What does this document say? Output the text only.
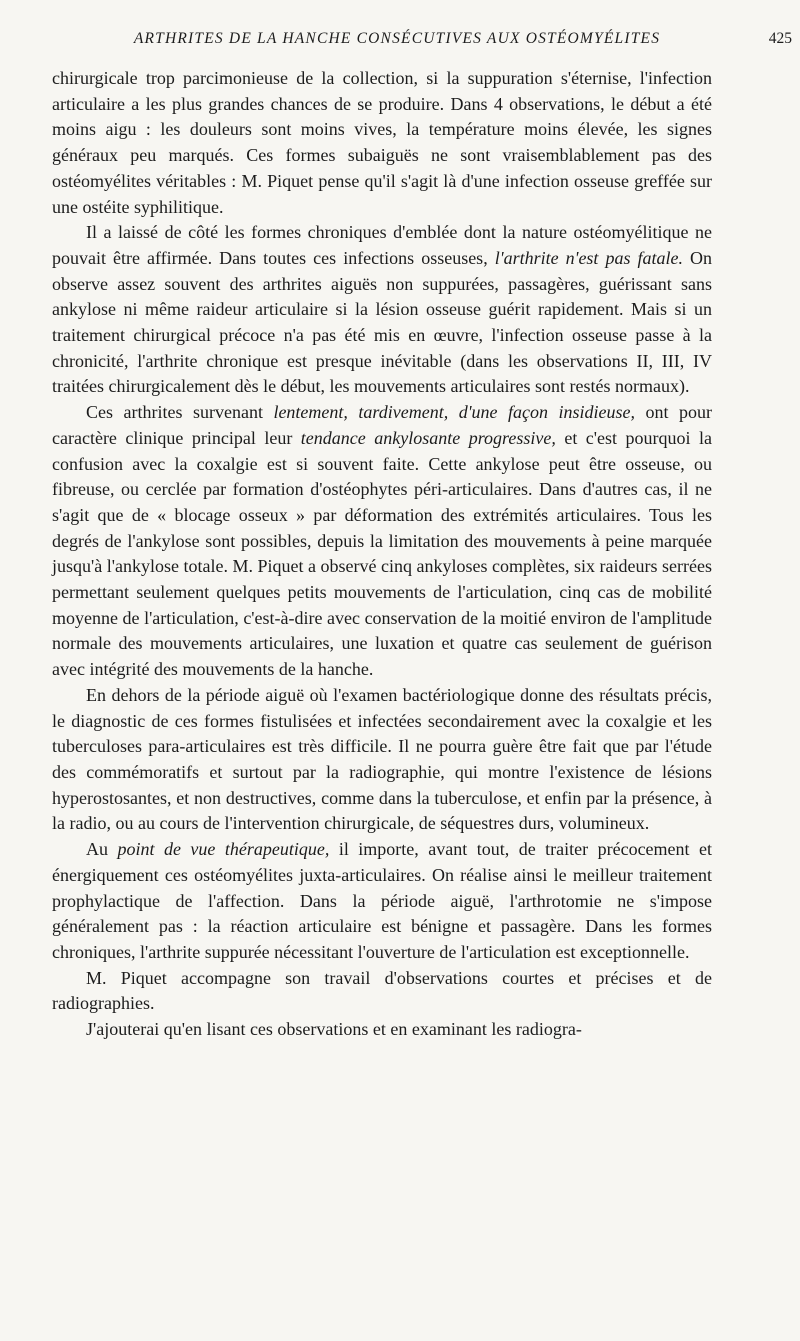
ARTHRITES DE LA HANCHE CONSÉCUTIVES AUX OSTÉOMYÉLITES	425

chirurgicale trop parcimonieuse de la collection, si la suppuration s'éternise, l'infection articulaire a les plus grandes chances de se produire. Dans 4 observations, le début a été moins aigu : les douleurs sont moins vives, la température moins élevée, les signes généraux peu marqués. Ces formes subaiguës ne sont vraisemblablement pas des ostéomyélites véritables : M. Piquet pense qu'il s'agit là d'une infection osseuse greffée sur une ostéite syphilitique.

Il a laissé de côté les formes chroniques d'emblée dont la nature ostéomyélitique ne pouvait être affirmée. Dans toutes ces infections osseuses, l'arthrite n'est pas fatale. On observe assez souvent des arthrites aiguës non suppurées, passagères, guérissant sans ankylose ni même raideur articulaire si la lésion osseuse guérit rapidement. Mais si un traitement chirurgical précoce n'a pas été mis en œuvre, l'infection osseuse passe à la chronicité, l'arthrite chronique est presque inévitable (dans les observations II, III, IV traitées chirurgicalement dès le début, les mouvements articulaires sont restés normaux).

Ces arthrites survenant lentement, tardivement, d'une façon insidieuse, ont pour caractère clinique principal leur tendance ankylosante progressive, et c'est pourquoi la confusion avec la coxalgie est si souvent faite. Cette ankylose peut être osseuse, ou fibreuse, ou cerclée par formation d'ostéophytes péri-articulaires. Dans d'autres cas, il ne s'agit que de « blocage osseux » par déformation des extrémités articulaires. Tous les degrés de l'ankylose sont possibles, depuis la limitation des mouvements à peine marquée jusqu'à l'ankylose totale. M. Piquet a observé cinq ankyloses complètes, six raideurs serrées permettant seulement quelques petits mouvements de l'articulation, cinq cas de mobilité moyenne de l'articulation, c'est-à-dire avec conservation de la moitié environ de l'amplitude normale des mouvements articulaires, une luxation et quatre cas seulement de guérison avec intégrité des mouvements de la hanche.

En dehors de la période aiguë où l'examen bactériologique donne des résultats précis, le diagnostic de ces formes fistulisées et infectées secondairement avec la coxalgie et les tuberculoses para-articulaires est très difficile. Il ne pourra guère être fait que par l'étude des commémoratifs et surtout par la radiographie, qui montre l'existence de lésions hyperostosantes, et non destructives, comme dans la tuberculose, et enfin par la présence, à la radio, ou au cours de l'intervention chirurgicale, de séquestres durs, volumineux.

Au point de vue thérapeutique, il importe, avant tout, de traiter précocement et énergiquement ces ostéomyélites juxta-articulaires. On réalise ainsi le meilleur traitement prophylactique de l'affection. Dans la période aiguë, l'arthrotomie ne s'impose généralement pas : la réaction articulaire est bénigne et passagère. Dans les formes chroniques, l'arthrite suppurée nécessitant l'ouverture de l'articulation est exceptionnelle.

M. Piquet accompagne son travail d'observations courtes et précises et de radiographies.

J'ajouterai qu'en lisant ces observations et en examinant les radiogra-
